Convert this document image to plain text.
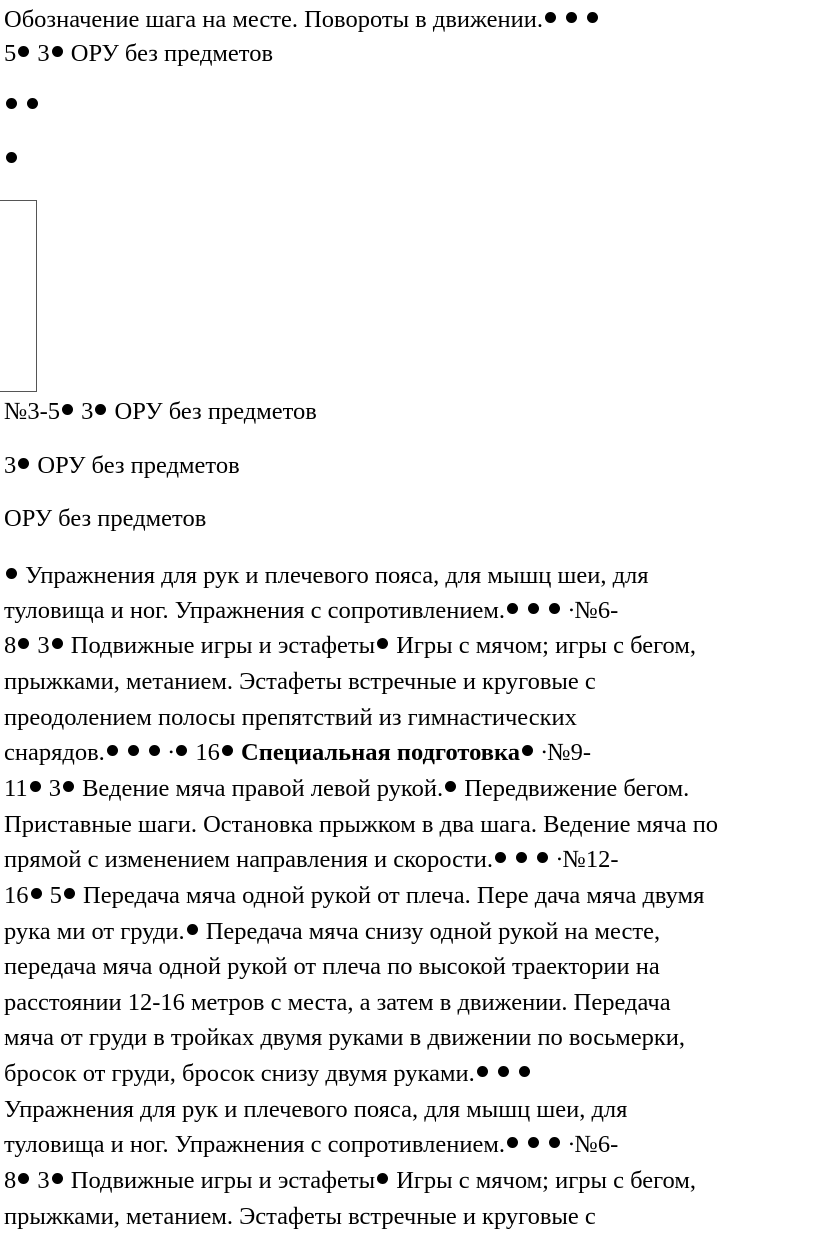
Обозначение шага на месте. Повороты в движении.
5 3 ОРУ без предметов

№3-5 3 ОРУ без предметов
3 ОРУ без предметов
ОРУ без предметов
Упражнения для рук и плечевого пояса, для мышц шеи, для
туловища и ног. Упражнения с сопротивлением.   ∙№6-
8 3 Подвижные игры и эстафеты Игры с мячом; игры с бегом,
прыжками, метанием. Эстафеты встречные и круговые с
преодолением полосы препятствий из гимнастических
снарядов.   ∙ 16 Специальная подготовка ∙№9-
11 3 Ведение мяча правой левой рукой. Передвижение бегом.
Приставные шаги. Остановка прыжком в два шага. Ведение мяча по
прямой с изменением направления и скорости.   ∙№12-
16 5 Передача мяча одной рукой от плеча. Пере дача мяча двумя
рука ми от груди. Передача мяча снизу одной рукой на месте,
передача мяча одной рукой от плеча по высокой траектории на
расстоянии 12-16 метров с места, а затем в движении. Передача
мяча от груди в тройках двумя руками в движении по восьмерки,
бросок от груди, бросок снизу двумя руками.
Упражнения для рук и плечевого пояса, для мышц шеи, для
туловища и ног. Упражнения с сопротивлением.   ∙№6-
8 3 Подвижные игры и эстафеты Игры с мячом; игры с бегом,
прыжками, метанием. Эстафеты встречные и круговые с
